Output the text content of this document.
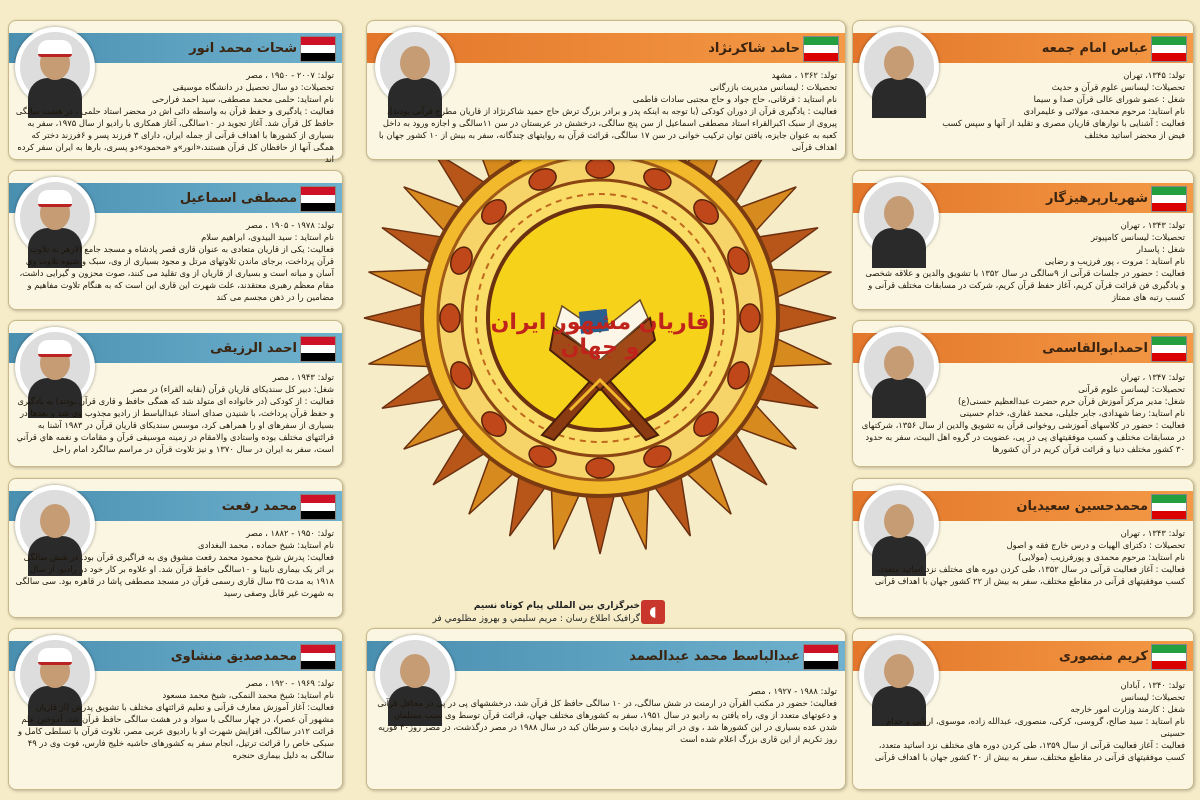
قاريان مشهور ايران و جهان

خبرگزاري بين المللي پيام كوتاه نسيم

گرافيک اطلاع رسان : مريم سليمي و بهروز مظلومي فر ◖
شحات محمد انور

تولد: ۲۰۰۷ - ۱۹۵۰ ، مصر

تحصیلات: دو سال تحصیل در دانشگاه موسیقی

نام استاید: حلمی محمد مصطفی، سید احمد فرارحی

فعالیت : یادگیری و حفظ قرآن به واسطه دائی اش در محضر استاد حلمی ، در هشت سالگی حافظ کل قرآن شد. آغاز تجوید در ۱۰سالگی، آغاز همکاری با رادیو از سال ۱۹۷۵، سفر به بسیاری از کشورها با اهداف قرآنی از جمله ایران، دارای ۳ فرزند پسر و ۶فرزند دختر که همگی آنها از حافظان کل قرآن هستند،«انور»و «محمود»دو پسری، بارها به ایران سفر کرده اند

مصطفی اسماعیل

تولد: ۱۹۷۸ - ۱۹۰۵ ، مصر

نام استاید : سید البیدوی، ابراهیم سلام

فعالیت: یکی از قاریان متعادی به عنوان قاری قصر پادشاه و مسجد جامع الازهر به تلاوت قرآن پرداخت، برجای ماندن تلاوتهای مرتل و مجود بسیاری از وی، سبک و شیوه تلاوت وی آسان و مبانه است و بسیاری از قاریان از وی تقلید می کنند، صوت محزون و گیرایی داشت، مقام معظم رهبری معتقدند، علت شهرت این قاری این است که به هنگام تلاوت مفاهیم و مضامین را در ذهن مجسم می کند

احمد الرزیقی

تولد: ۱۹۴۳ ، مصر

شغل: دبیر کل سندیکای قاریان قرآن (نقابه القراء) در مصر

فعالیت : از کودکی (در خانواده ای متولد شد که همگی حافظ و قاری قرآن بودند) به یادگیری و حفظ قرآن پرداخت، با شنیدن صدای استاد عبدالباسط از رادیو مجذوب وی شد و بعدها در بسیاری از سفرهای او را همراهی کرد، موسس سندیکای قاریان قرآن در ۱۹۸۳ آشنا به قرائتهای مختلف بوده واستادی والامقام در زمینه موسیقی قرآن و مقامات و نغمه هاي قرآني است، سفر به ایران در سال ۱۳۷۰ و نیز تلاوت قرآن در مراسم سالگرد امام راحل

محمد رفعت

تولد: ۱۹۵۰ - ۱۸۸۲ ، مصر

نام استاید: شیخ حماده ، محمد البغدادی

فعالیت: پدرش شیخ محمود محمد رفعت مشوق وی به فراگیری قرآن بود. در شش سالگی بر اثر یک بیماری نابینا و ۱۰سالگی حافظ قرآن شد. او علاوه بر کار خود در رادیو، از سال ۱۹۱۸ به مدت ۳۵ سال قاری رسمی قرآن در مسجد مصطفی پاشا در قاهره بود. سی سالگی به شهرت غیر قابل وصفی رسید

محمدصدیق منشاوی

تولد: ۱۹۶۹ - ۱۹۲۰ ، مصر

نام استاید: شیخ محمد النمکی، شیخ محمد مسعود

فعالیت: آغاز آموزش معارف قرآنی و تعلیم قرائتهای مختلف با تشویق پدرش (از قاریان مشهور آن عصر)، در چهار سالگی با سواد و در هشت سالگی حافظ قرآن شد، آموختن علم قرائت ۱۲در سالگی، افزایش شهرت او با رادیوی عربی مصر، تلاوت قرآن با تسلطی کامل و سبکی خاص را قرائت ترتیل، انجام سفر به کشورهای حاشیه خلیج فارس، فوت وی در ۴۹ سالگی به دلیل بیماری حنجره

حامد شاکرنژاد

تولد: ۱۳۶۲ ، مشهد

تحصیلات : لیسانس مدیریت بازرگانی

نام استاید : فرقانی، حاج جواد و حاج مجتبی سادات فاطمی

فعالیت : یادگیری قرآن از دوران کودکی (با توجه به اینکه پدر و برادر بزرگ ترش حاج حمید شاکرنژاد از قاریان مطرح قرآنی بودند)، پیروی از سبک اکبرالقراء استاد مصطفی اسماعیل از سن پنج سالگی، درخشش در عربستان در سن ۱۱سالگی و اجازه ورود به داخل کعبه به عنوان جایزه، یافتن توان ترکیب خوانی در سن ۱۷ سالگی، قرائت قرآن به روایتهای چندگانه، سفر به بیش از ۱۰ کشور جهان با اهداف قرآنی

عبدالباسط محمد عبدالصمد

تولد: ۱۹۸۸ - ۱۹۲۷ ، مصر

فعالیت: حضور در مکتب القرآن در ارمنت در شش سالگی، در ۱۰ سالگی حافظ کل قرآن شد، درخششهای پی در پی در محافل قرآنی و دعوتهای متعدد از وی، راه یافتن به رادیو در سال ۱۹۵۱، سفر به کشورهای مختلف جهان، قرائت قرآن توسط وی سبب مسلمان شدن عده بسیاری در این کشورها شد ، وی در اثر بیماری دیابت و سرطان کبد در سال ۱۹۸۸ در مصر درگذشت، در مصر روز۳۰ فوریه روز تکریم از این قاری بزرگ اعلام شده است

عباس امام جمعه

تولد: ۱۳۴۵، تهران

تحصیلات: لیسانس علوم قرآن و حدیث

شغل : عضو شورای عالی قرآن صدا و سیما

نام استاید: مرحوم محمدی، مولائی و علیمرادی

فعالیت : آشنایی با نوارهای قاریان مصری و تقلید از آنها و سپس کسب فیض از محضر اساتید مختلف

شهریارپرهیزگار

تولد: ۱۳۴۳ ، تهران

تحصیلات: لیسانس کامپیوتر

شغل : پاسدار

نام استاید : مروت ، پور فرزیب و رضایی

فعالیت : حضور در جلسات قرآنی از ۹سالگی در سال ۱۳۵۲ با تشویق والدین و علاقه شخصی و یادگیری فن قرائت قرآن کریم، آغاز حفظ قرآن کریم، شرکت در مسابقات مختلف قرآنی و کسب رتبه های ممتاز

احمدابوالقاسمی

تولد: ۱۳۴۷ ، تهران

تحصیلات: لیسانس علوم قرآنی

شغل: مدیر مرکز آموزش قرآن حرم حضرت عبدالعظیم حسنی(ع)

نام استاید: رضا شهدادی، جابر جلیلی، محمد غفاری، خدام حسینی

فعالیت : حضور در کلاسهای آموزشی روخوانی قرآن به تشویق والدین از سال ۱۳۵۶، شرکتهای در مسابقات مختلف و کسب موفقیتهای پی در پی، عضویت در گروه اهل البیت، سفر به حدود ۳۰ کشور مختلف دنیا و قرائت قرآن کریم در آن کشورها

محمدحسین سعیدیان

تولد: ۱۳۴۳ ، تهران

تحصیلات : دکترای الهیات و درس خارج فقه و اصول

نام استاید: مرحوم محمدی و پورفرزیب (مولایی)

فعالیت : آغاز فعالیت قرآنی در سال ۱۳۵۲، طی کردن دوره های مختلف نزد اساتید متعدد، کسب موفقیتهای قرآنی در مقاطع مختلف، سفر به بیش از ۲۲ کشور جهان با اهداف قرآنی

کریم منصوری

تولد: ۱۳۴۰ ، آبادان

تحصیلات: لیسانس

شغل : کارمند وزارت امور خارجه

نام استاید : سید صالح، گروسی، کرکی، منصوری، عبدالله زاده، موسوی، اربابی و خدام حسینی

فعالیت : آغاز فعالیت قرآنی از سال ۱۳۵۹، طی کردن دوره های مختلف نزد اساتید متعدد، کسب موفقیتهای قرآنی در مقاطع مختلف، سفر به بیش از ۲۰ کشور جهان با اهداف قرآنی
